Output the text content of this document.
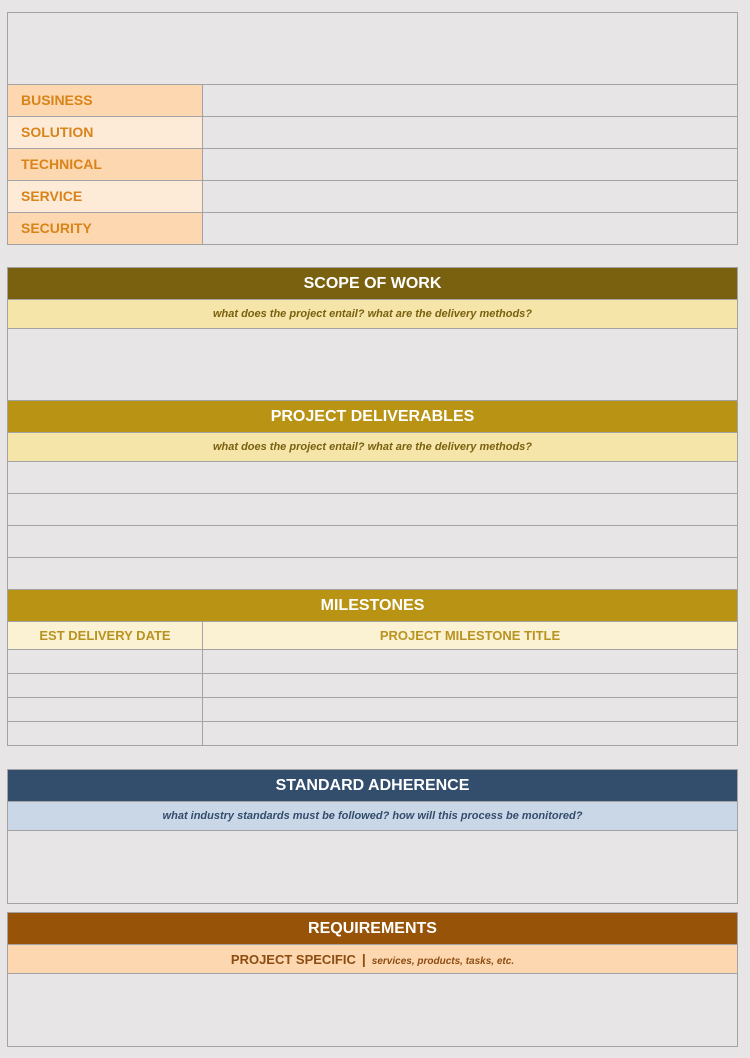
BUSINESS
SOLUTION
TECHNICAL
SERVICE
SECURITY
SCOPE OF WORK
what does the project entail? what are the delivery methods?
PROJECT DELIVERABLES
what does the project entail? what are the delivery methods?
MILESTONES
EST DELIVERY DATE	PROJECT MILESTONE TITLE
STANDARD ADHERENCE
what industry standards must be followed? how will this process be monitored?
REQUIREMENTS
PROJECT SPECIFIC | services, products, tasks, etc.
